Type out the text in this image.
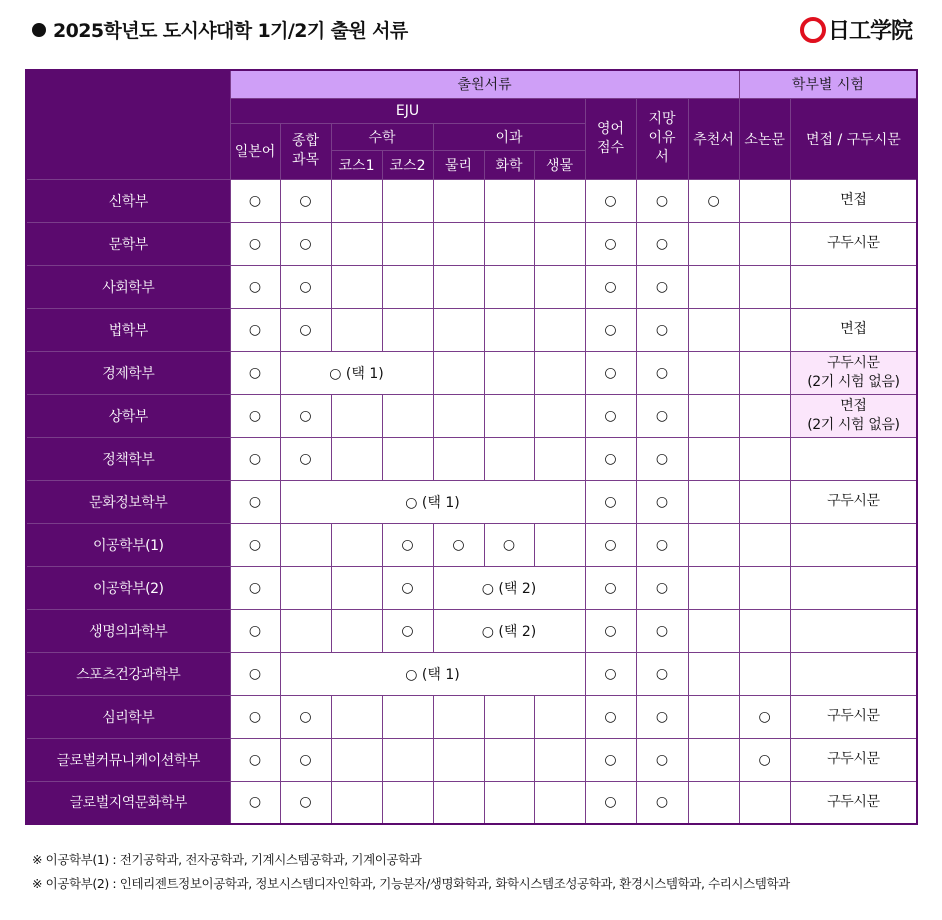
2025학년도 도시샤대학 1기/2기 출원 서류	日工学院
	출원서류										학부별 시험	
	EJU							영어 점수	지망 이유서	추천서	소논문	면접 / 구두시문
	일본어	종합 과목	수학		이과							
			코스1	코스2	물리	화학	생물					
신학부	○	○						○	○	○		면접
문학부	○	○						○	○			구두시문
사회학부	○	○						○	○			
법학부	○	○						○	○			면접
경제학부	○	○ (택 1)						○	○			구두시문
(2기 시험 없음)

상학부	○	○						○	○			면접
(2기 시험 없음)

정책학부	○	○						○	○			
문화정보학부	○	○ (택 1)						○	○			구두시문
이공학부(1)	○			○	○	○		○	○			
이공학부(2)	○			○	○ (택 2)			○	○			
생명의과학부	○			○	○ (택 2)			○	○			
스포츠건강과학부	○	○ (택 1)						○	○			
심리학부	○	○						○	○		○	구두시문
글로벌커뮤니케이션학부	○	○						○	○		○	구두시문
글로벌지역문화학부	○	○						○	○			구두시문
※ 이공학부(1) : 전기공학과, 전자공학과, 기계시스템공학과, 기계이공학과
※ 이공학부(2) : 인테리젠트정보이공학과, 정보시스템디자인학과, 기능분자/생명화학과, 화학시스템조성공학과, 환경시스템학과, 수리시스템학과
